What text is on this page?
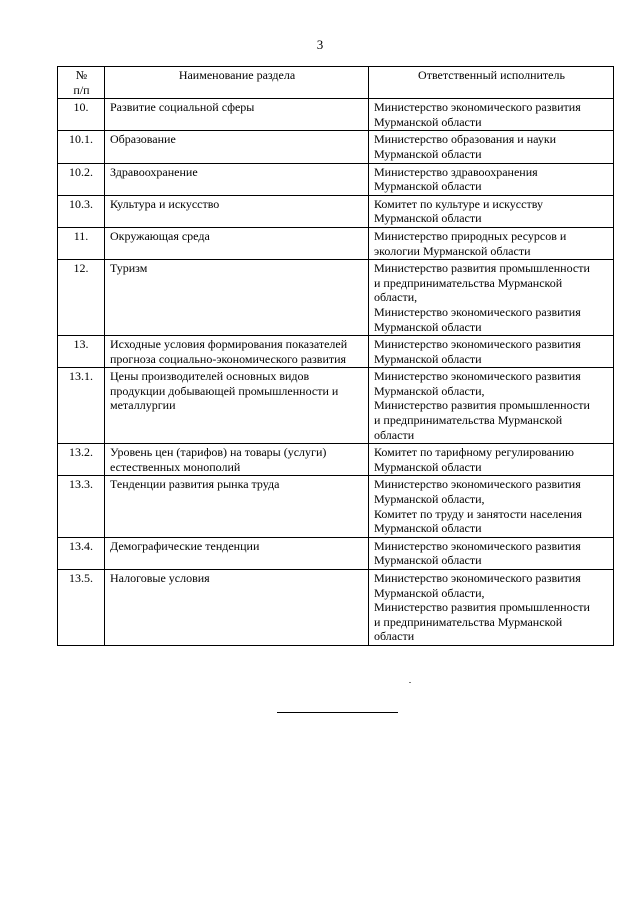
3
№
п/п	Наименование раздела	Ответственный исполнитель
10.	Развитие социальной сферы	Министерство экономического развития
Мурманской области

10.1.	Образование	Министерство образования и науки
Мурманской области

10.2.	Здравоохранение	Министерство здравоохранения
Мурманской области

10.3.	Культура и искусство	Комитет по культуре и искусству
Мурманской области

11.	Окружающая среда	Министерство природных ресурсов и
экологии Мурманской области

12.	Туризм	Министерство развития промышленности
и предпринимательства Мурманской
области,
Министерство экономического развития
Мурманской области

13.	Исходные условия формирования показателей прогноза социально-экономического развития	Министерство экономического развития
Мурманской области

13.1.	Цены производителей основных видов продукции добывающей промышленности и металлургии	Министерство экономического развития
Мурманской области,
Министерство развития промышленности
и предпринимательства Мурманской
области

13.2.	Уровень цен (тарифов) на товары (услуги) естественных монополий	Комитет по тарифному регулированию
Мурманской области

13.3.	Тенденции развития рынка труда	Министерство экономического развития
Мурманской области,
Комитет по труду и занятости населения
Мурманской области

13.4.	Демографические тенденции	Министерство экономического развития
Мурманской области

13.5.	Налоговые условия	Министерство экономического развития
Мурманской области,
Министерство развития промышленности
и предпринимательства Мурманской
области
